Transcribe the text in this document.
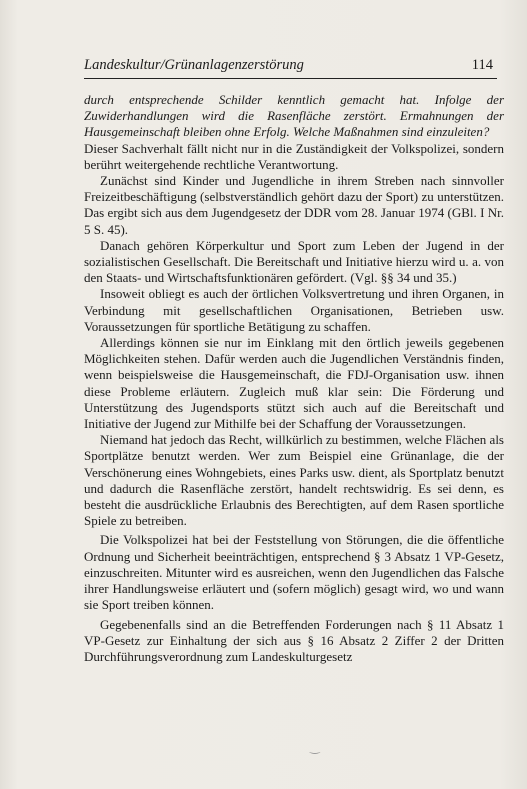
Landeskultur/Grünanlagenzerstörung	114

durch entsprechende Schilder kenntlich gemacht hat. Infolge der Zuwiderhandlungen wird die Rasenfläche zerstört. Ermahnungen der Hausgemeinschaft bleiben ohne Erfolg. Welche Maßnahmen sind einzuleiten?

Dieser Sachverhalt fällt nicht nur in die Zuständigkeit der Volkspolizei, sondern berührt weitergehende rechtliche Verantwortung.

Zunächst sind Kinder und Jugendliche in ihrem Streben nach sinnvoller Freizeitbeschäftigung (selbstverständlich gehört dazu der Sport) zu unterstützen. Das ergibt sich aus dem Jugendgesetz der DDR vom 28. Januar 1974 (GBl. I Nr. 5 S. 45).

Danach gehören Körperkultur und Sport zum Leben der Jugend in der sozialistischen Gesellschaft. Die Bereitschaft und Initiative hierzu wird u. a. von den Staats- und Wirtschaftsfunktionären gefördert. (Vgl. §§ 34 und 35.)

Insoweit obliegt es auch der örtlichen Volksvertretung und ihren Organen, in Verbindung mit gesellschaftlichen Organisationen, Betrieben usw. Voraussetzungen für sportliche Betätigung zu schaffen.

Allerdings können sie nur im Einklang mit den örtlich jeweils gegebenen Möglichkeiten stehen. Dafür werden auch die Jugendlichen Verständnis finden, wenn beispielsweise die Hausgemeinschaft, die FDJ-Organisation usw. ihnen diese Probleme erläutern. Zugleich muß klar sein: Die Förderung und Unterstützung des Jugendsports stützt sich auch auf die Bereitschaft und Initiative der Jugend zur Mithilfe bei der Schaffung der Voraussetzungen.

Niemand hat jedoch das Recht, willkürlich zu bestimmen, welche Flächen als Sportplätze benutzt werden. Wer zum Beispiel eine Grünanlage, die der Verschönerung eines Wohngebiets, eines Parks usw. dient, als Sportplatz benutzt und dadurch die Rasenfläche zerstört, handelt rechtswidrig. Es sei denn, es besteht die ausdrückliche Erlaubnis des Berechtigten, auf dem Rasen sportliche Spiele zu betreiben.

Die Volkspolizei hat bei der Feststellung von Störungen, die die öffentliche Ordnung und Sicherheit beeinträchtigen, entsprechend § 3 Absatz 1 VP-Gesetz, einzuschreiten. Mitunter wird es ausreichen, wenn den Jugendlichen das Falsche ihrer Handlungsweise erläutert und (sofern möglich) gesagt wird, wo und wann sie Sport treiben können.

Gegebenenfalls sind an die Betreffenden Forderungen nach § 11 Absatz 1 VP-Gesetz zur Einhaltung der sich aus § 16 Absatz 2 Ziffer 2 der Dritten Durchführungsverordnung zum Landeskulturgesetz

‿
